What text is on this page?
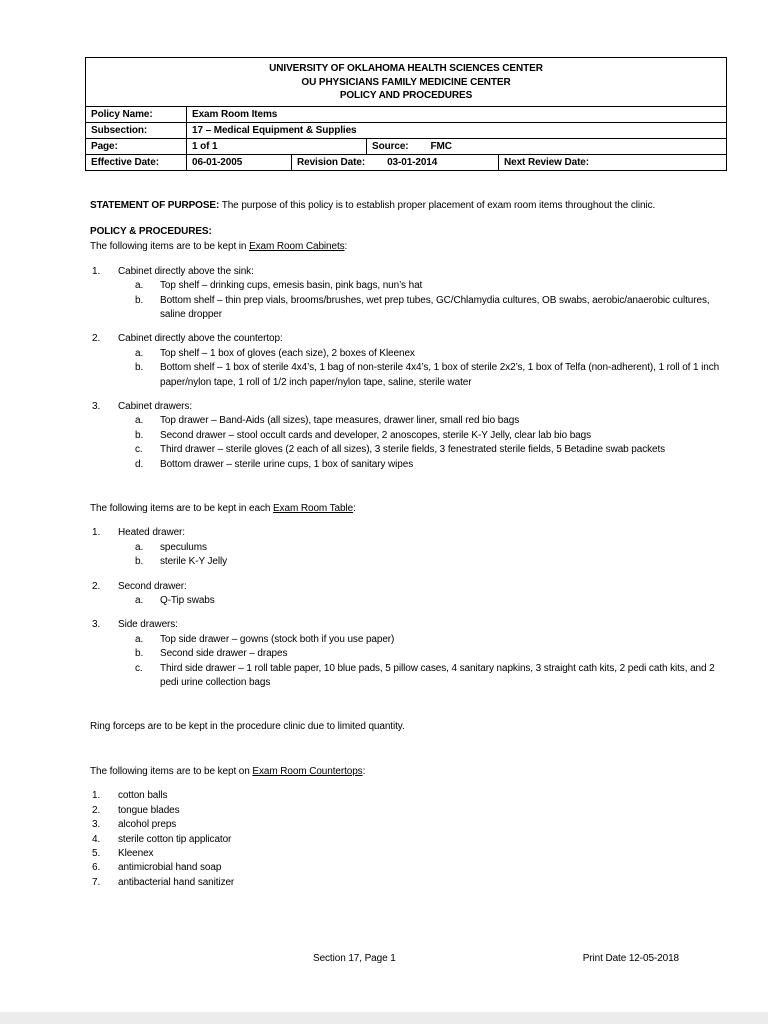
UNIVERSITY OF OKLAHOMA HEALTH SCIENCES CENTER
OU PHYSICIANS FAMILY MEDICINE CENTER
POLICY AND PROCEDURES
Policy Name:	Exam Room Items
Subsection:	17 – Medical Equipment & Supplies
Page:	1 of 1	Source: FMC
Effective Date:	06-01-2005	Revision Date: 03-01-2014	Next Review Date:

STATEMENT OF PURPOSE: The purpose of this policy is to establish proper placement of exam room items throughout the clinic.

POLICY & PROCEDURES:

The following items are to be kept in Exam Room Cabinets:

1.	Cabinet directly above the sink:
a.	Top shelf – drinking cups, emesis basin, pink bags, nun’s hat
b.	Bottom shelf – thin prep vials, brooms/brushes, wet prep tubes, GC/Chlamydia cultures, OB swabs, aerobic/anaerobic cultures, saline dropper
2.	Cabinet directly above the countertop:
a.	Top shelf – 1 box of gloves (each size), 2 boxes of Kleenex
b.	Bottom shelf – 1 box of sterile 4x4’s, 1 bag of non-sterile 4x4’s, 1 box of sterile 2x2’s, 1 box of Telfa (non-adherent), 1 roll of 1 inch paper/nylon tape, 1 roll of 1/2 inch paper/nylon tape, saline, sterile water
3.	Cabinet drawers:
a.	Top drawer – Band-Aids (all sizes), tape measures, drawer liner, small red bio bags
b.	Second drawer – stool occult cards and developer, 2 anoscopes, sterile K-Y Jelly, clear lab bio bags
c.	Third drawer – sterile gloves (2 each of all sizes), 3 sterile fields, 3 fenestrated sterile fields, 5 Betadine swab packets
d.	Bottom drawer – sterile urine cups, 1 box of sanitary wipes

The following items are to be kept in each Exam Room Table:

1.	Heated drawer:
a.	speculums
b.	sterile K-Y Jelly
2.	Second drawer:
a.	Q-Tip swabs
3.	Side drawers:
a.	Top side drawer – gowns (stock both if you use paper)
b.	Second side drawer – drapes
c.	Third side drawer – 1 roll table paper, 10 blue pads, 5 pillow cases, 4 sanitary napkins, 3 straight cath kits, 2 pedi cath kits, and 2 pedi urine collection bags

Ring forceps are to be kept in the procedure clinic due to limited quantity.

The following items are to be kept on Exam Room Countertops:

1.	cotton balls
2.	tongue blades
3.	alcohol preps
4.	sterile cotton tip applicator
5.	Kleenex
6.	antimicrobial hand soap
7.	antibacterial hand sanitizer
Section 17, Page 1	Print Date 12-05-2018
